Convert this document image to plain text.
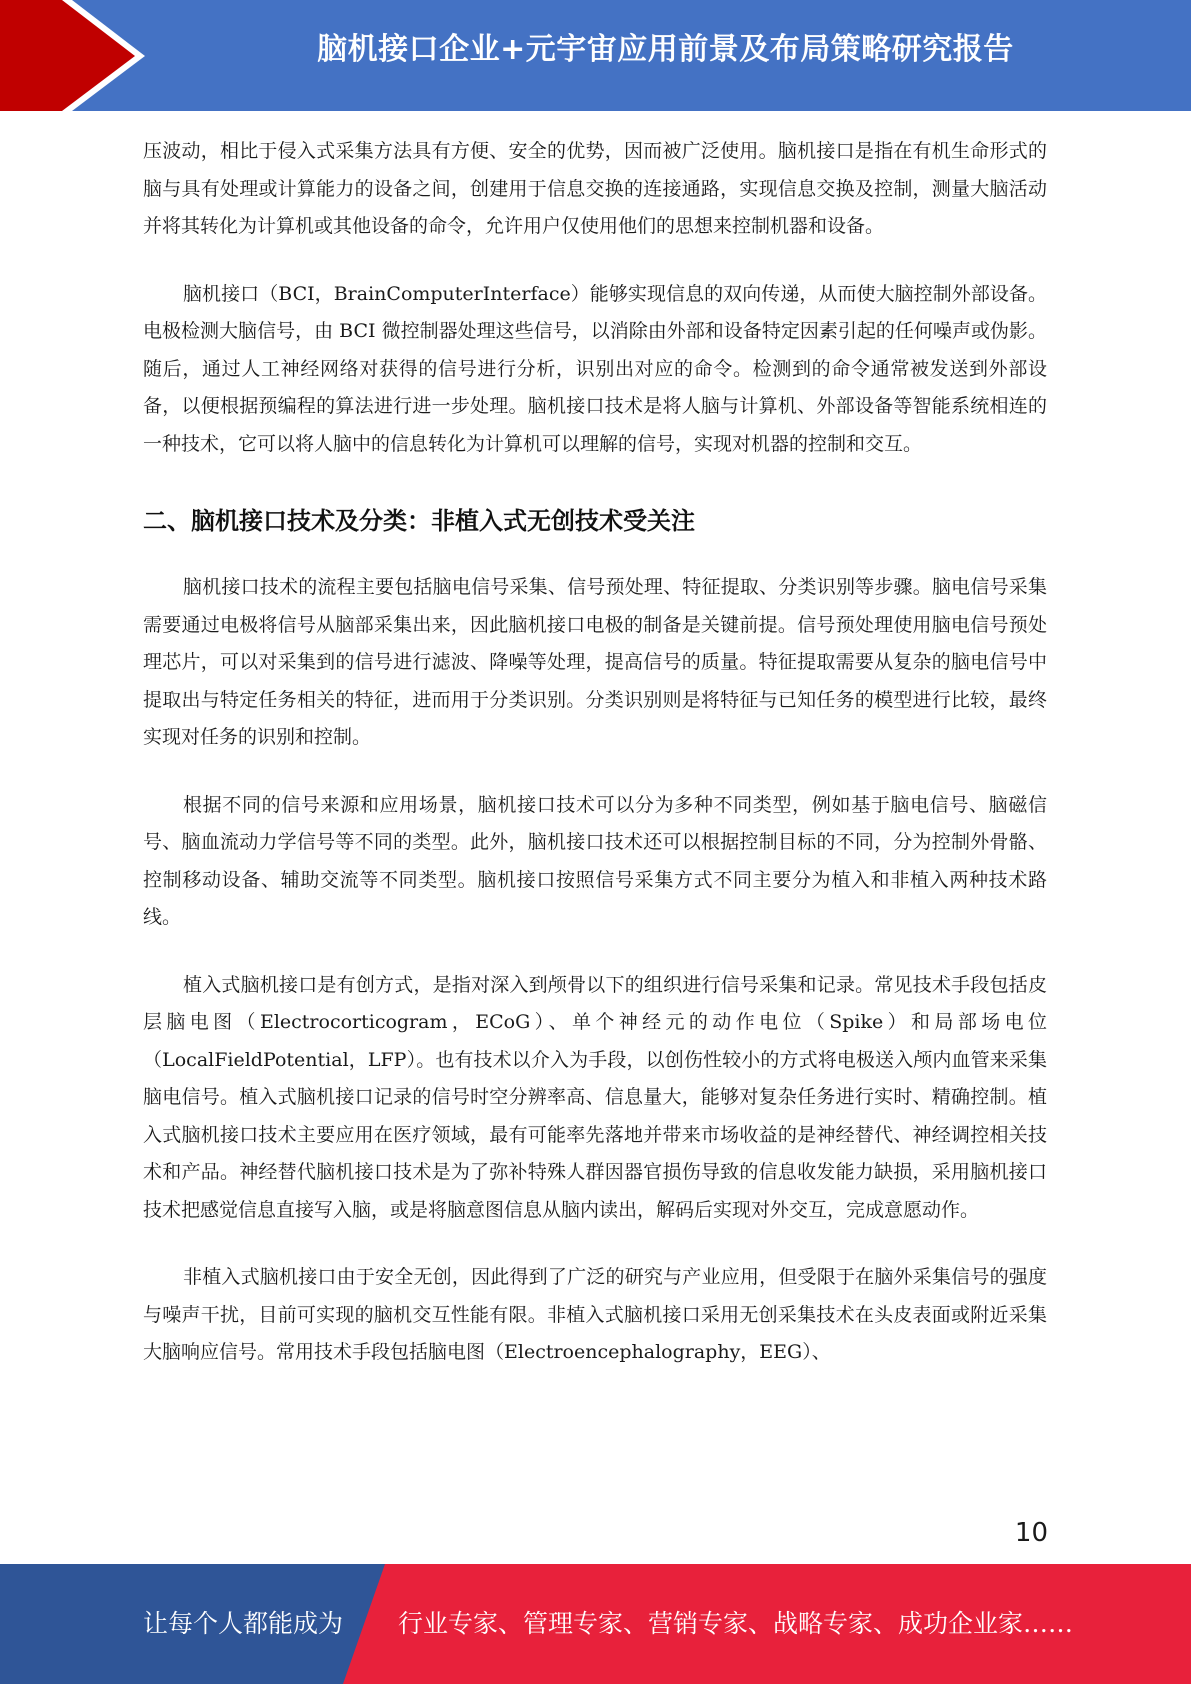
脑机接口企业+元宇宙应用前景及布局策略研究报告

压波动，相比于侵入式采集方法具有方便、安全的优势，因而被广泛使用。脑机接口是指在有机生命形式的脑与具有处理或计算能力的设备之间，创建用于信息交换的连接通路，实现信息交换及控制，测量大脑活动并将其转化为计算机或其他设备的命令，允许用户仅使用他们的思想来控制机器和设备。

脑机接口（BCI，BrainComputerInterface）能够实现信息的双向传递，从而使大脑控制外部设备。电极检测大脑信号，由 BCI 微控制器处理这些信号，以消除由外部和设备特定因素引起的任何噪声或伪影。随后，通过人工神经网络对获得的信号进行分析，识别出对应的命令。检测到的命令通常被发送到外部设备，以便根据预编程的算法进行进一步处理。脑机接口技术是将人脑与计算机、外部设备等智能系统相连的一种技术，它可以将人脑中的信息转化为计算机可以理解的信号，实现对机器的控制和交互。

二、脑机接口技术及分类：非植入式无创技术受关注

脑机接口技术的流程主要包括脑电信号采集、信号预处理、特征提取、分类识别等步骤。脑电信号采集需要通过电极将信号从脑部采集出来，因此脑机接口电极的制备是关键前提。信号预处理使用脑电信号预处理芯片，可以对采集到的信号进行滤波、降噪等处理，提高信号的质量。特征提取需要从复杂的脑电信号中提取出与特定任务相关的特征，进而用于分类识别。分类识别则是将特征与已知任务的模型进行比较，最终实现对任务的识别和控制。

根据不同的信号来源和应用场景，脑机接口技术可以分为多种不同类型，例如基于脑电信号、脑磁信号、脑血流动力学信号等不同的类型。此外，脑机接口技术还可以根据控制目标的不同，分为控制外骨骼、控制移动设备、辅助交流等不同类型。脑机接口按照信号采集方式不同主要分为植入和非植入两种技术路线。

植入式脑机接口是有创方式，是指对深入到颅骨以下的组织进行信号采集和记录。常见技术手段包括皮层脑电图（Electrocorticogram，ECoG）、单个神经元的动作电位（Spike）和局部场电位（LocalFieldPotential，LFP）。也有技术以介入为手段，以创伤性较小的方式将电极送入颅内血管来采集脑电信号。植入式脑机接口记录的信号时空分辨率高、信息量大，能够对复杂任务进行实时、精确控制。植入式脑机接口技术主要应用在医疗领域，最有可能率先落地并带来市场收益的是神经替代、神经调控相关技术和产品。神经替代脑机接口技术是为了弥补特殊人群因器官损伤导致的信息收发能力缺损，采用脑机接口技术把感觉信息直接写入脑，或是将脑意图信息从脑内读出，解码后实现对外交互，完成意愿动作。

非植入式脑机接口由于安全无创，因此得到了广泛的研究与产业应用，但受限于在脑外采集信号的强度与噪声干扰，目前可实现的脑机交互性能有限。非植入式脑机接口采用无创采集技术在头皮表面或附近采集大脑响应信号。常用技术手段包括脑电图（Electroencephalography，EEG）、

10
让每个人都能成为 行业专家、管理专家、营销专家、战略专家、成功企业家……
